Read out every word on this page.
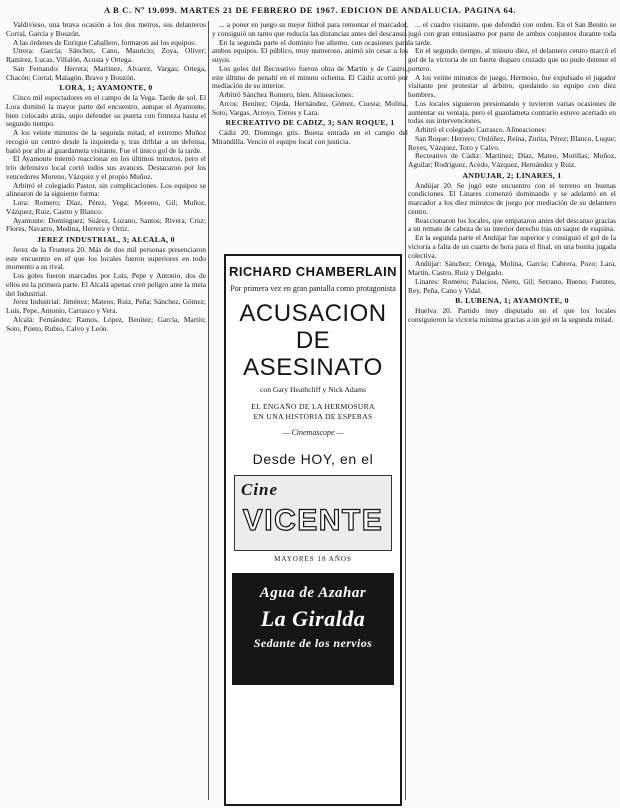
A B C. Nº 19.099. MARTES 21 DE FEBRERO DE 1967. EDICION DE ANDALUCIA. PAGINA 64.

Valdivieso, una brava ocasión a los dos metros, sus delanteros Corral, Garcia y Bouzón.

A las órdenes de Enrique Caballero, formaron así los equipos:

Utrera: García; Sánchez, Cano, Mauricio; Zoya, Oliver; Ramírez, Lucas, Villalón, Acosta y Ortega.

San Fernando: Herrera; Martínez, Alvarez, Vargas; Ortega, Chacón; Corral, Malagón, Bravo y Bouzón.

LORA, 1; AYAMONTE, 0

Cinco mil espectadores en el campo de la Vega. Tarde de sol. El Lora dominó la mayor parte del encuentro, aunque el Ayamonte, bien colocado atrás, supo defender su puerta con firmeza hasta el segundo tiempo.

A los veinte minutos de la segunda mitad, el extremo Muñoz recogió un centro desde la izquierda y, tras driblar a un defensa, batió por alto al guardameta visitante. Fue el único gol de la tarde.

El Ayamonte intentó reaccionar en los últimos minutos, pero el trío defensivo local cortó todos sus avances. Destacaron por los vencedores Moreno, Vázquez y el propio Muñoz.

Arbitró el colegiado Pastor, sin complicaciones. Los equipos se alinearon de la siguiente forma:

Lora: Romero; Díaz, Pérez, Vega; Moreno, Gil; Muñoz, Vázquez, Ruiz, Castro y Blanco.

Ayamonte: Domínguez; Suárez, Lozano, Santos; Rivera, Cruz; Flores, Navarro, Medina, Herrera y Ortiz.

JEREZ INDUSTRIAL, 3; ALCALA, 0

Jerez de la Frontera 20. Más de dos mil personas presenciaron este encuentro en el que los locales fueron superiores en todo momento a su rival.

Los goles fueron marcados por Luis, Pepe y Antonio, dos de ellos en la primera parte. El Alcalá apenas creó peligro ante la meta del Industrial.

Jerez Industrial: Jiménez; Mateos, Ruiz, Peña; Sánchez, Gómez; Luis, Pepe, Antonio, Carrasco y Vera.

Alcalá: Fernández; Ramos, López, Benítez; García, Martín; Soto, Prieto, Rubio, Calvo y León.

... a poner en juego su mejor fútbol para remontar el marcador, y consiguió un tanto que reducía las distancias antes del descanso.

En la segunda parte el dominio fue alterno, con ocasiones para ambos equipos. El público, muy numeroso, animó sin cesar a los suyos.

Los goles del Recreativo fueron obra de Martín y de Castro, este último de penalti en el minuto ochenta. El Cádiz acortó por mediación de su interior.

Arbitró Sánchez Romero, bien. Alineaciones:

Arcos: Benítez; Ojeda, Hernández, Gómez, Cuesta; Molina, Soto; Vargas, Arroyo, Torres y Lara.

RECREATIVO DE CADIZ, 3; SAN ROQUE, 1

Cádiz 20. Domingo gris. Buena entrada en el campo del Mirandilla. Venció el equipo local con justicia.

... el cuadro visitante, que defendió con orden. En el San Benito se jugó con gran entusiasmo por parte de ambos conjuntos durante toda la tarde.

En el segundo tiempo, al minuto diez, el delantero centro marcó el gol de la victoria de un fuerte disparo cruzado que no pudo detener el portero.

A los veinte minutos de juego, Hermoso, fue expulsado el jugador visitante por protestar al árbitro, quedando su equipo con diez hombres.

Los locales siguieron presionando y tuvieron varias ocasiones de aumentar su ventaja, pero el guardameta contrario estuvo acertado en todas sus intervenciones.

Arbitró el colegiado Carrasco. Alineaciones:

San Roque: Herrero; Ordóñez, Reina, Zurita, Pérez; Blanco, Luque; Reyes, Vázquez, Toro y Calvo.

Recreativo de Cádiz: Martínez; Díaz, Mateo, Morillas; Muñoz, Aguilar; Rodríguez, Acedo, Vázquez, Hernández y Ruiz.

ANDUJAR, 2; LINARES, 1

Andújar 20. Se jugó este encuentro con el terreno en buenas condiciones. El Linares comenzó dominando y se adelantó en el marcador a los diez minutos de juego por mediación de su delantero centro.

Reaccionaron los locales, que empataron antes del descanso gracias a un remate de cabeza de su interior derecho tras un saque de esquina.

En la segunda parte el Andújar fue superior y consiguió el gol de la victoria a falta de un cuarto de hora para el final, en una bonita jugada colectiva.

Andújar: Sánchez; Ortega, Molina, García; Cabrera, Pozo; Lara, Martín, Castro, Ruiz y Delgado.

Linares: Romero; Palacios, Nieto, Gil; Serrano, Bueno; Fuentes, Rey, Peña, Cano y Vidal.

B. LUBENA, 1; AYAMONTE, 0

Huelva 20. Partido muy disputado en el que los locales consiguieron la victoria mínima gracias a un gol en la segunda mitad.

RICHARD CHAMBERLAIN
Por primera vez en gran pantalla como protagonista
ACUSACION
DE ASESINATO
con Gary Heathcliff y Nick Adams
EL ENGAÑO DE LA HERMOSURA
EN UNA HISTORIA DE ESPERAS
— Cinemascope —
Desde HOY, en el
Cine
VICENTE
MAYORES 18 AÑOS
Agua de Azahar
La Giralda
Sedante de los nervios
